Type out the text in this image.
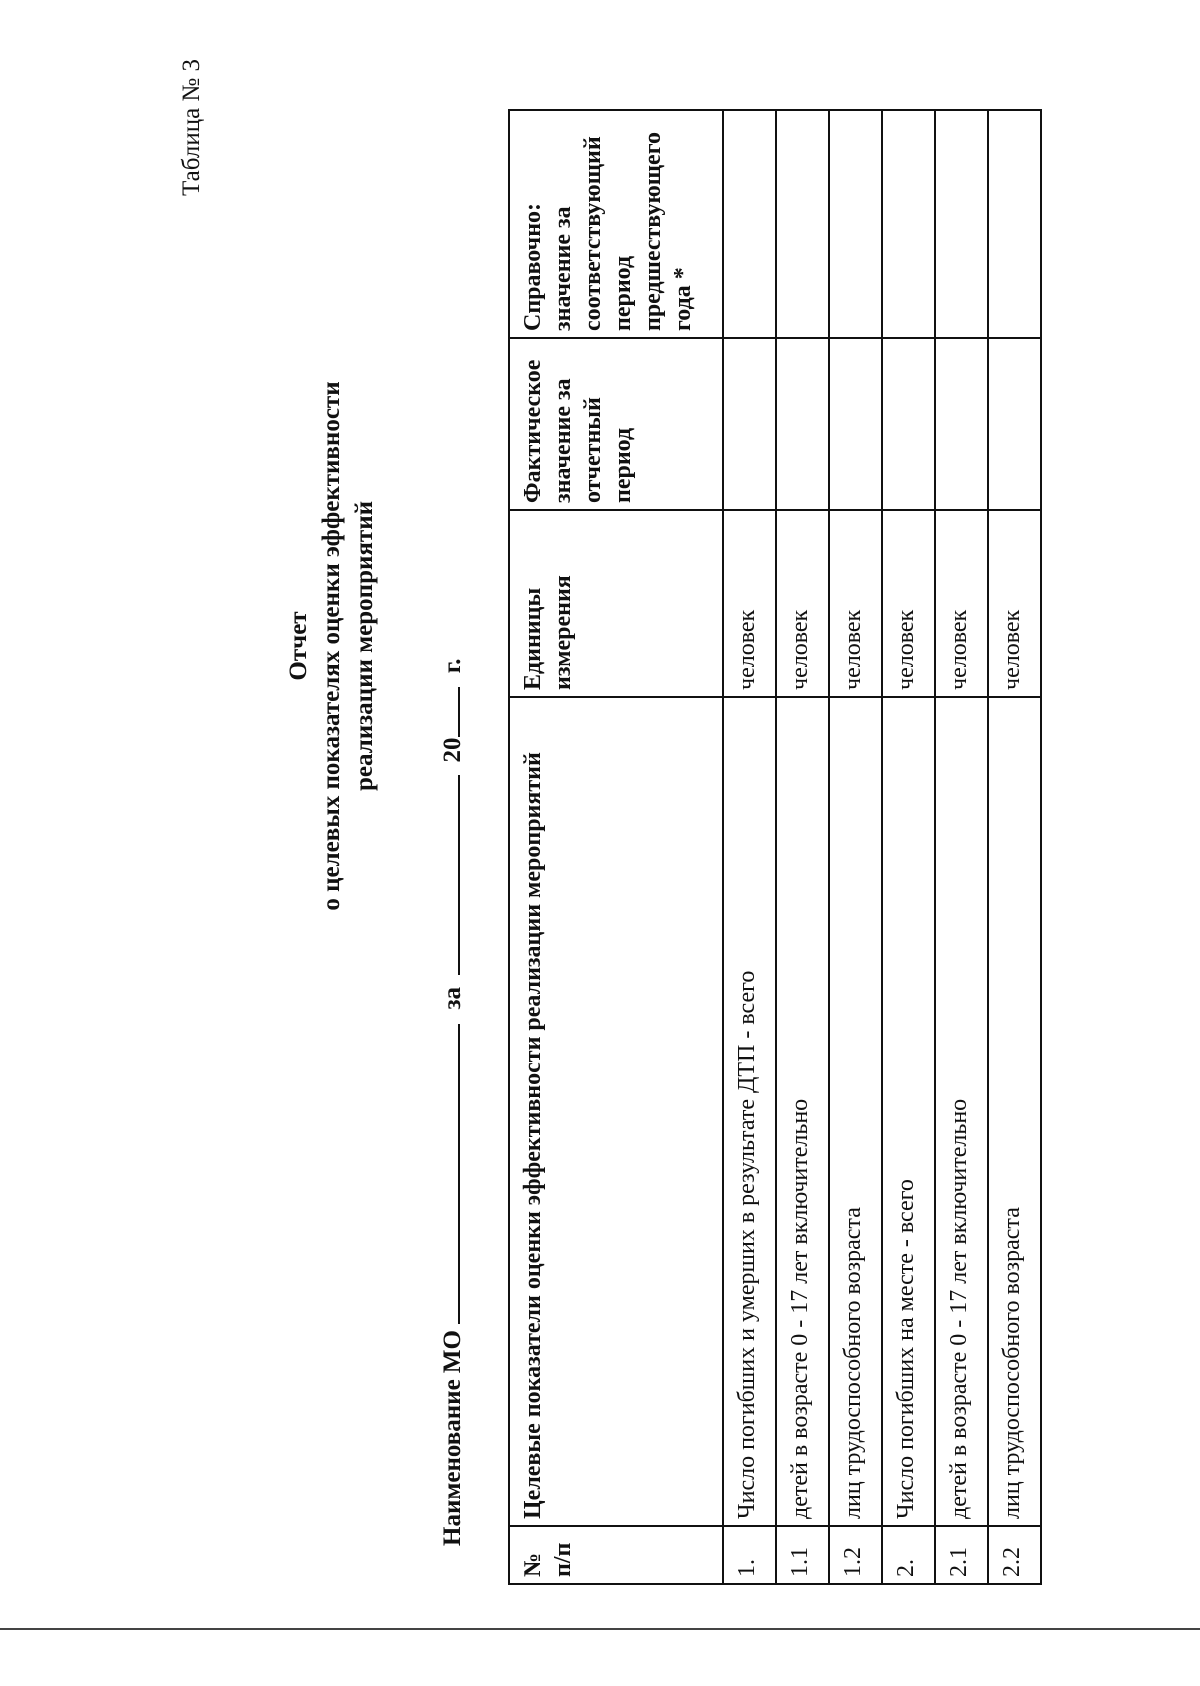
Таблица № 3
Отчет о целевых показателях оценки эффективности реализации мероприятий
Наименование МО  за  20 г.
№ п/п	Целевые показатели оценки эффективности реализации мероприятий	Единицы измерения	Фактическое значение за отчетный период	Справочно: значение за соответствующий период предшествующего года *
1.	Число погибших и умерших в результате ДТП - всего	человек		
1.1	детей в возрасте 0 - 17 лет включительно	человек		
1.2	лиц трудоспособного возраста	человек		
2.	Число погибших на месте - всего	человек		
2.1	детей в возрасте 0 - 17 лет включительно	человек		
2.2	лиц трудоспособного возраста	человек		
